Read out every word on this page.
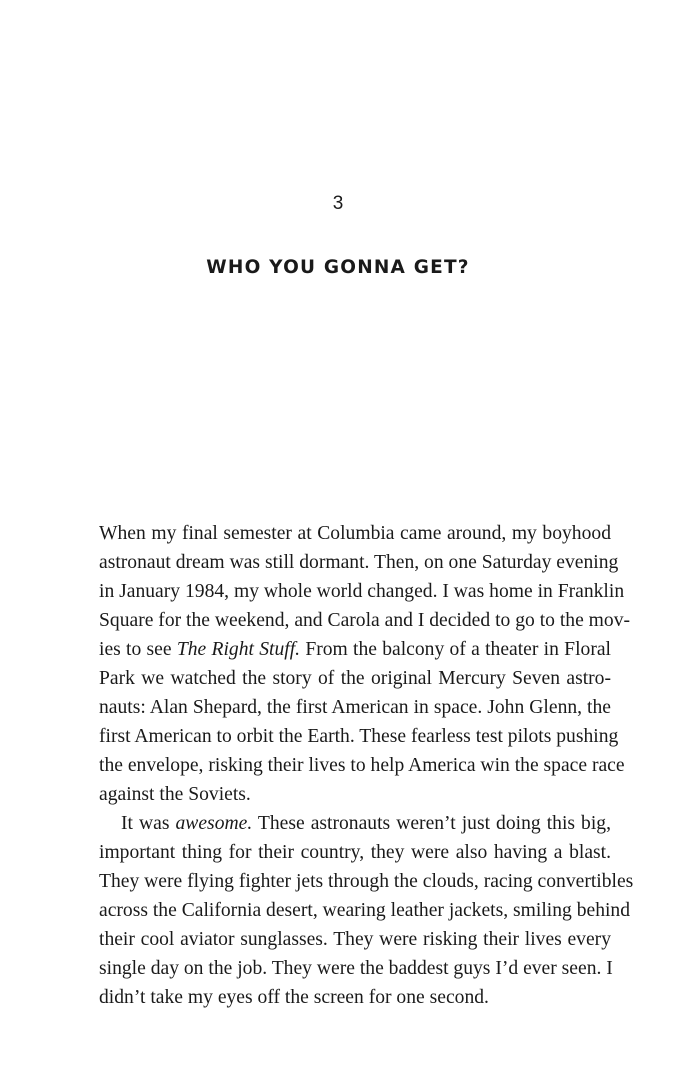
3
WHO YOU GONNA GET?
When my final semester at Columbia came around, my boyhood
astronaut dream was still dormant. Then, on one Saturday evening
in January 1984, my whole world changed. I was home in Franklin
Square for the weekend, and Carola and I decided to go to the mov-
ies to see The Right Stuff. From the balcony of a theater in Floral
Park we watched the story of the original Mercury Seven astro-
nauts: Alan Shepard, the first American in space. John Glenn, the
first American to orbit the Earth. These fearless test pilots pushing
the envelope, risking their lives to help America win the space race
against the Soviets.
It was awesome. These astronauts weren’t just doing this big,
important thing for their country, they were also having a blast.
They were flying fighter jets through the clouds, racing convertibles
across the California desert, wearing leather jackets, smiling behind
their cool aviator sunglasses. They were risking their lives every
single day on the job. They were the baddest guys I’d ever seen. I
didn’t take my eyes off the screen for one second.
